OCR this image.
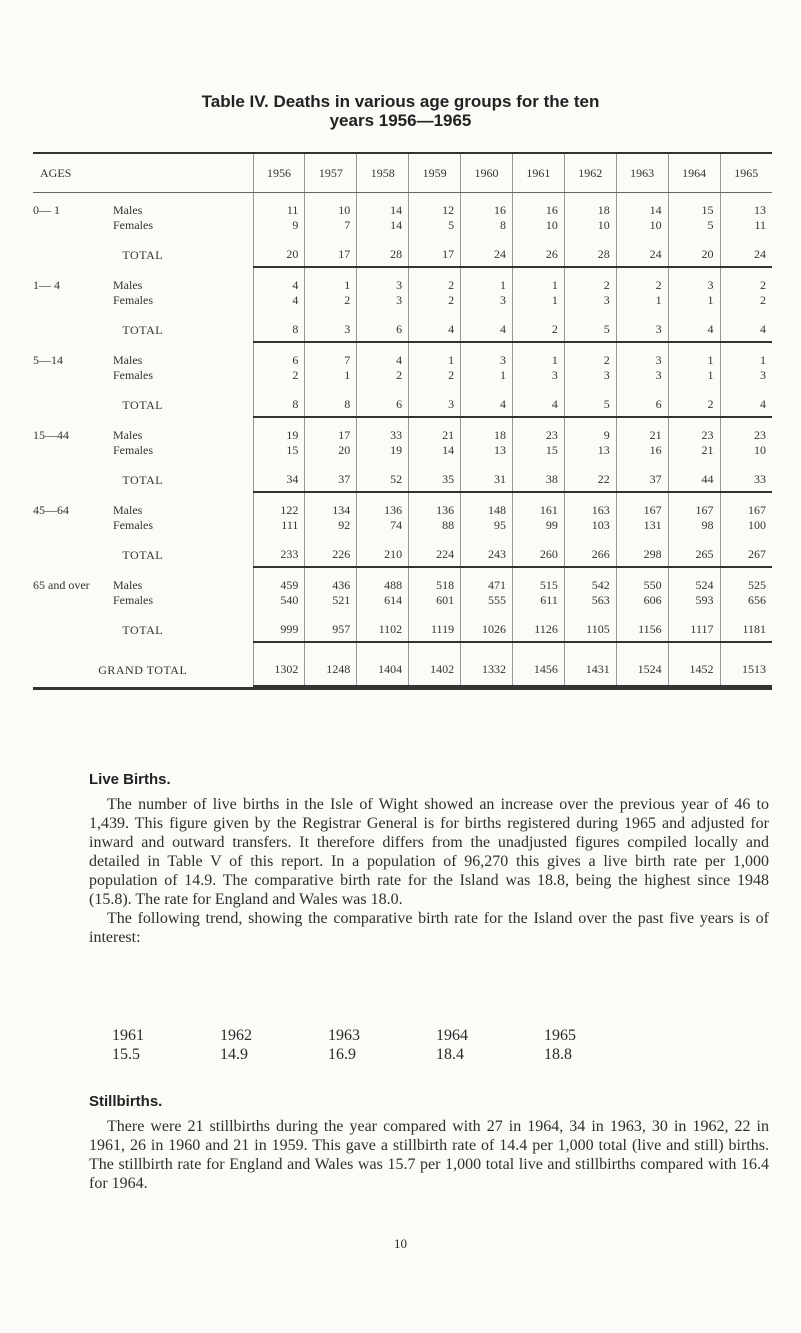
Table IV. Deaths in various age groups for the ten
years 1956—1965
AGES		1956	1957	1958	1959	1960	1961	1962	1963	1964	1965
0— 1	Males	11	10	14	12	16	16	18	14	15	13
	Females	9	7	14	5	8	10	10	10	5	11
TOTAL		20	17	28	17	24	26	28	24	20	24
1— 4	Males	4	1	3	2	1	1	2	2	3	2
	Females	4	2	3	2	3	1	3	1	1	2
TOTAL		8	3	6	4	4	2	5	3	4	4
5—14	Males	6	7	4	1	3	1	2	3	1	1
	Females	2	1	2	2	1	3	3	3	1	3
TOTAL		8	8	6	3	4	4	5	6	2	4
15—44	Males	19	17	33	21	18	23	9	21	23	23
	Females	15	20	19	14	13	15	13	16	21	10
TOTAL		34	37	52	35	31	38	22	37	44	33
45—64	Males	122	134	136	136	148	161	163	167	167	167
	Females	111	92	74	88	95	99	103	131	98	100
TOTAL		233	226	210	224	243	260	266	298	265	267
65 and over	Males	459	436	488	518	471	515	542	550	524	525
	Females	540	521	614	601	555	611	563	606	593	656
TOTAL		999	957	1102	1119	1026	1126	1105	1156	1117	1181
GRAND TOTAL		1302	1248	1404	1402	1332	1456	1431	1524	1452	1513
Live Births.

The number of live births in the Isle of Wight showed an increase over the previous year of 46 to 1,439. This figure given by the Registrar General is for births registered during 1965 and adjusted for inward and outward transfers. It therefore differs from the unadjusted figures compiled locally and detailed in Table V of this report. In a population of 96,270 this gives a live birth rate per 1,000 population of 14.9. The comparative birth rate for the Island was 18.8, being the highest since 1948 (15.8). The rate for England and Wales was 18.0.

The following trend, showing the comparative birth rate for the Island over the past five years is of interest:

1961	1962	1963	1964	1965
15.5	14.9	16.9	18.4	18.8
Stillbirths.

There were 21 stillbirths during the year compared with 27 in 1964, 34 in 1963, 30 in 1962, 22 in 1961, 26 in 1960 and 21 in 1959. This gave a stillbirth rate of 14.4 per 1,000 total (live and still) births. The stillbirth rate for England and Wales was 15.7 per 1,000 total live and stillbirths compared with 16.4 for 1964.

10
